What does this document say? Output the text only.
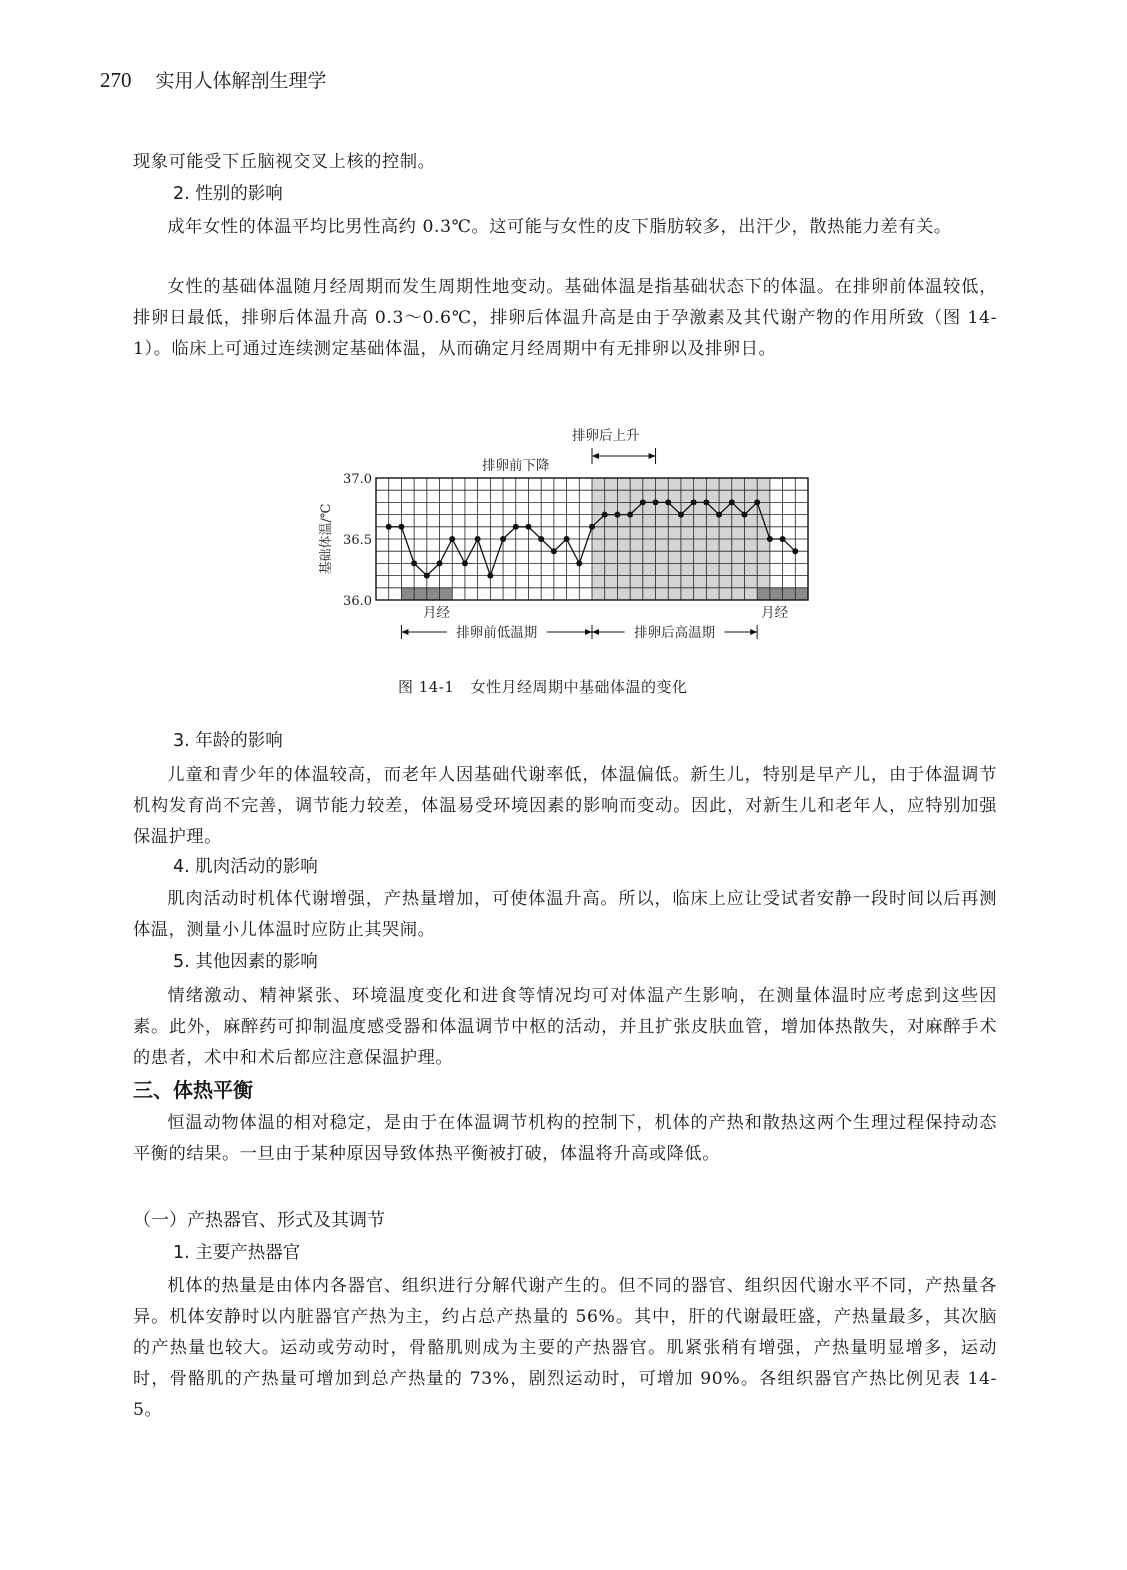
270 实用人体解剖生理学
现象可能受下丘脑视交叉上核的控制。
2. 性别的影响
成年女性的体温平均比男性高约 0.3℃。这可能与女性的皮下脂肪较多，出汗少，散热能力差有关。
女性的基础体温随月经周期而发生周期性地变动。基础体温是指基础状态下的体温。在排卵前体温较低，排卵日最低，排卵后体温升高 0.3～0.6℃，排卵后体温升高是由于孕激素及其代谢产物的作用所致（图 14-1）。临床上可通过连续测定基础体温，从而确定月经周期中有无排卵以及排卵日。
37.0
36.5
36.0
基础体温/℃
排卵后上升
排卵前下降
月经	月经
排卵前低温期	排卵后高温期
图 14-1 女性月经周期中基础体温的变化
3. 年龄的影响
儿童和青少年的体温较高，而老年人因基础代谢率低，体温偏低。新生儿，特别是早产儿，由于体温调节机构发育尚不完善，调节能力较差，体温易受环境因素的影响而变动。因此，对新生儿和老年人，应特别加强保温护理。
4. 肌肉活动的影响
肌肉活动时机体代谢增强，产热量增加，可使体温升高。所以，临床上应让受试者安静一段时间以后再测体温，测量小儿体温时应防止其哭闹。
5. 其他因素的影响
情绪激动、精神紧张、环境温度变化和进食等情况均可对体温产生影响，在测量体温时应考虑到这些因素。此外，麻醉药可抑制温度感受器和体温调节中枢的活动，并且扩张皮肤血管，增加体热散失，对麻醉手术的患者，术中和术后都应注意保温护理。
三、体热平衡
恒温动物体温的相对稳定，是由于在体温调节机构的控制下，机体的产热和散热这两个生理过程保持动态平衡的结果。一旦由于某种原因导致体热平衡被打破，体温将升高或降低。
（一）产热器官、形式及其调节
1. 主要产热器官
机体的热量是由体内各器官、组织进行分解代谢产生的。但不同的器官、组织因代谢水平不同，产热量各异。机体安静时以内脏器官产热为主，约占总产热量的 56%。其中，肝的代谢最旺盛，产热量最多，其次脑的产热量也较大。运动或劳动时，骨骼肌则成为主要的产热器官。肌紧张稍有增强，产热量明显增多，运动时，骨骼肌的产热量可增加到总产热量的 73%，剧烈运动时，可增加 90%。各组织器官产热比例见表 14-5。
